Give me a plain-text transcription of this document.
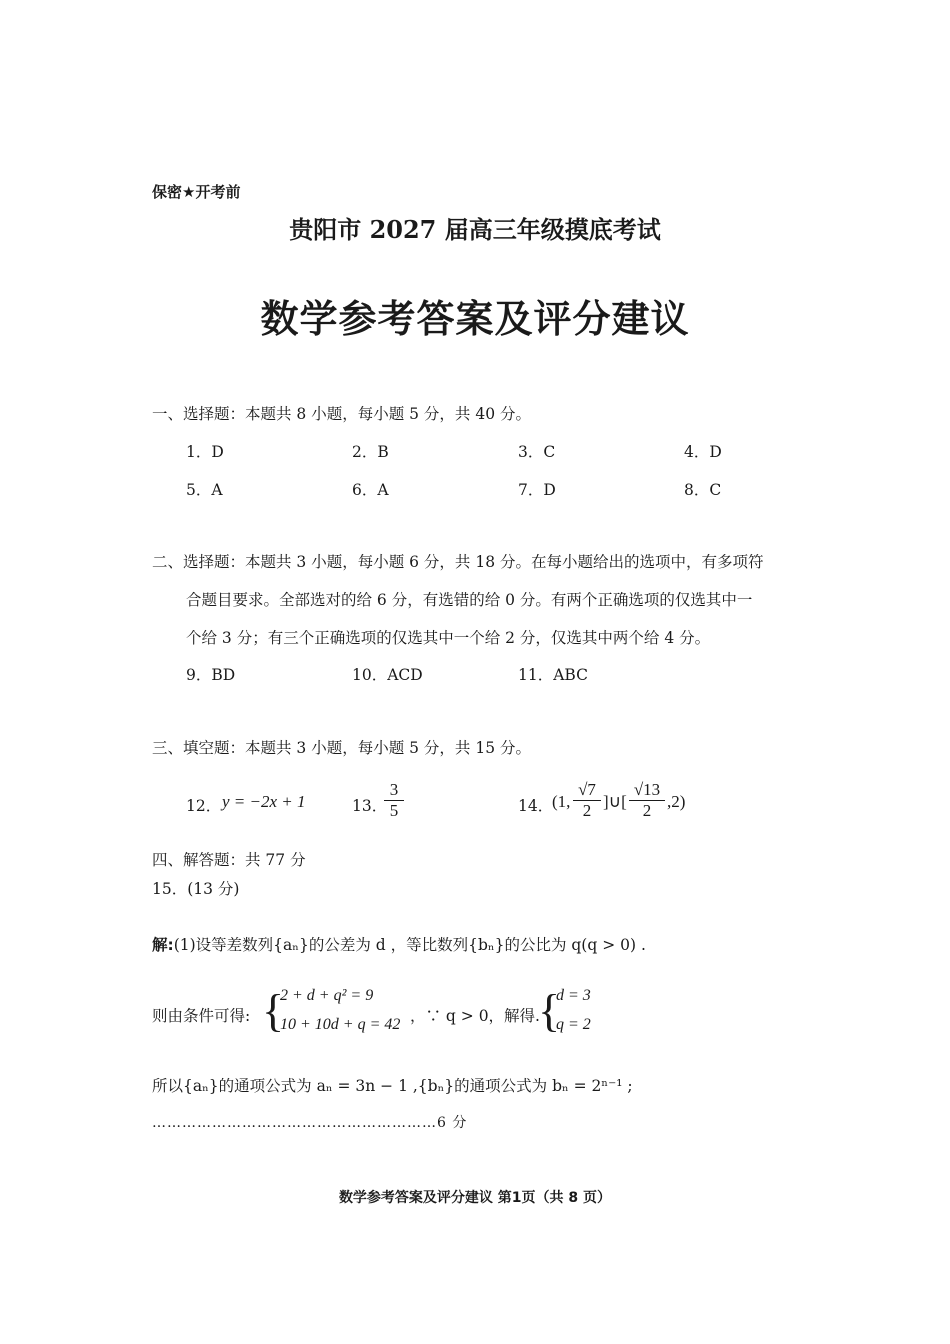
保密★开考前
贵阳市 2027 届高三年级摸底考试
数学参考答案及评分建议
一、选择题：本题共 8 小题，每小题 5 分，共 40 分。
1．D	2．B	3．C	4．D
5．A	6．A	7．D	8．C
二、选择题：本题共 3 小题，每小题 6 分，共 18 分。在每小题给出的选项中，有多项符
合题目要求。全部选对的给 6 分，有选错的给 0 分。有两个正确选项的仅选其中一
个给 3 分；有三个正确选项的仅选其中一个给 2 分，仅选其中两个给 4 分。
9．BD	10．ACD	11．ABC
三、填空题：本题共 3 小题，每小题 5 分，共 15 分。
12． y = −2x + 1	13．
$\frac{3}{5}$	14．
(1, $\frac{√7}{2}$ ]∪[ $\frac{√13}{2} ,2$)
四、解答题：共 77 分
15．(13 分)
解:(1)设等差数列{aₙ}的公差为 d ，等比数列{bₙ}的公比为 q(q > 0) .
则由条件可得: {
2 + d + q² = 9
10 + 10d + q = 42 ，∵ q > 0，解得.
{
d = 3
q = 2
所以{aₙ}的通项公式为 aₙ = 3n − 1 ,{bₙ}的通项公式为 bₙ = 2ⁿ⁻¹ ;
…………………………………………………6 分
数学参考答案及评分建议 第1页（共 8 页）
